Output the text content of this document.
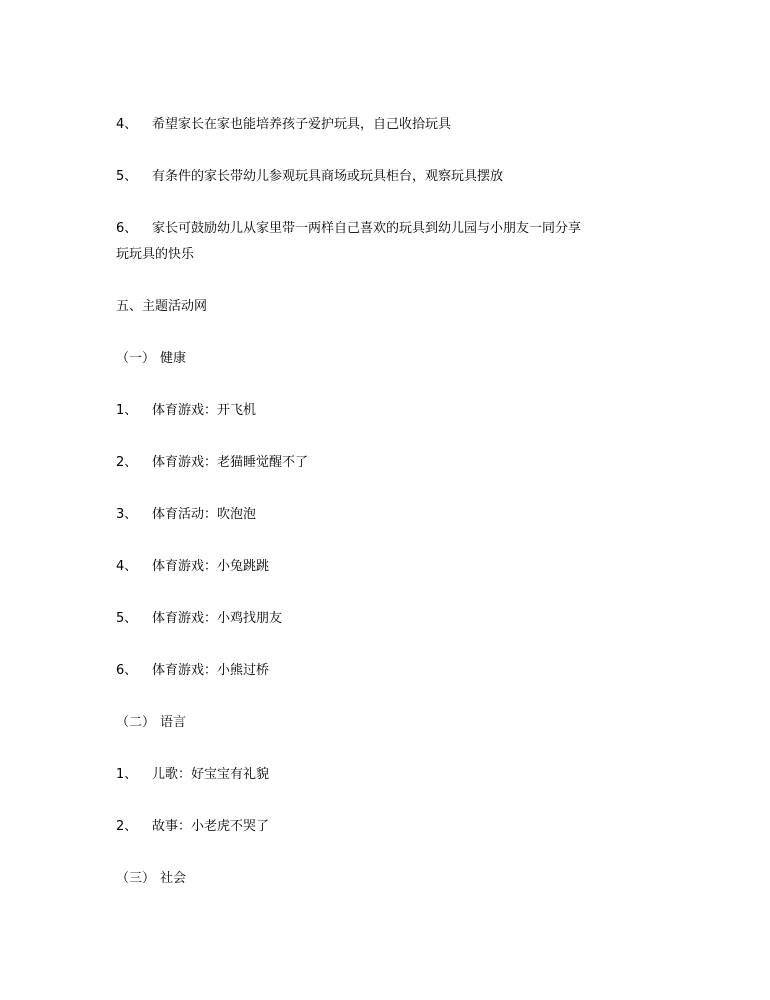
4、 希望家长在家也能培养孩子爱护玩具，自己收拾玩具
5、 有条件的家长带幼儿参观玩具商场或玩具柜台，观察玩具摆放
6、 家长可鼓励幼儿从家里带一两样自己喜欢的玩具到幼儿园与小朋友一同分享
玩玩具的快乐
五、主题活动网
（一） 健康
1、 体育游戏：开飞机
2、 体育游戏：老猫睡觉醒不了
3、 体育活动：吹泡泡
4、 体育游戏：小兔跳跳
5、 体育游戏：小鸡找朋友
6、 体育游戏：小熊过桥
（二） 语言
1、 儿歌：好宝宝有礼貌
2、 故事：小老虎不哭了
（三） 社会
